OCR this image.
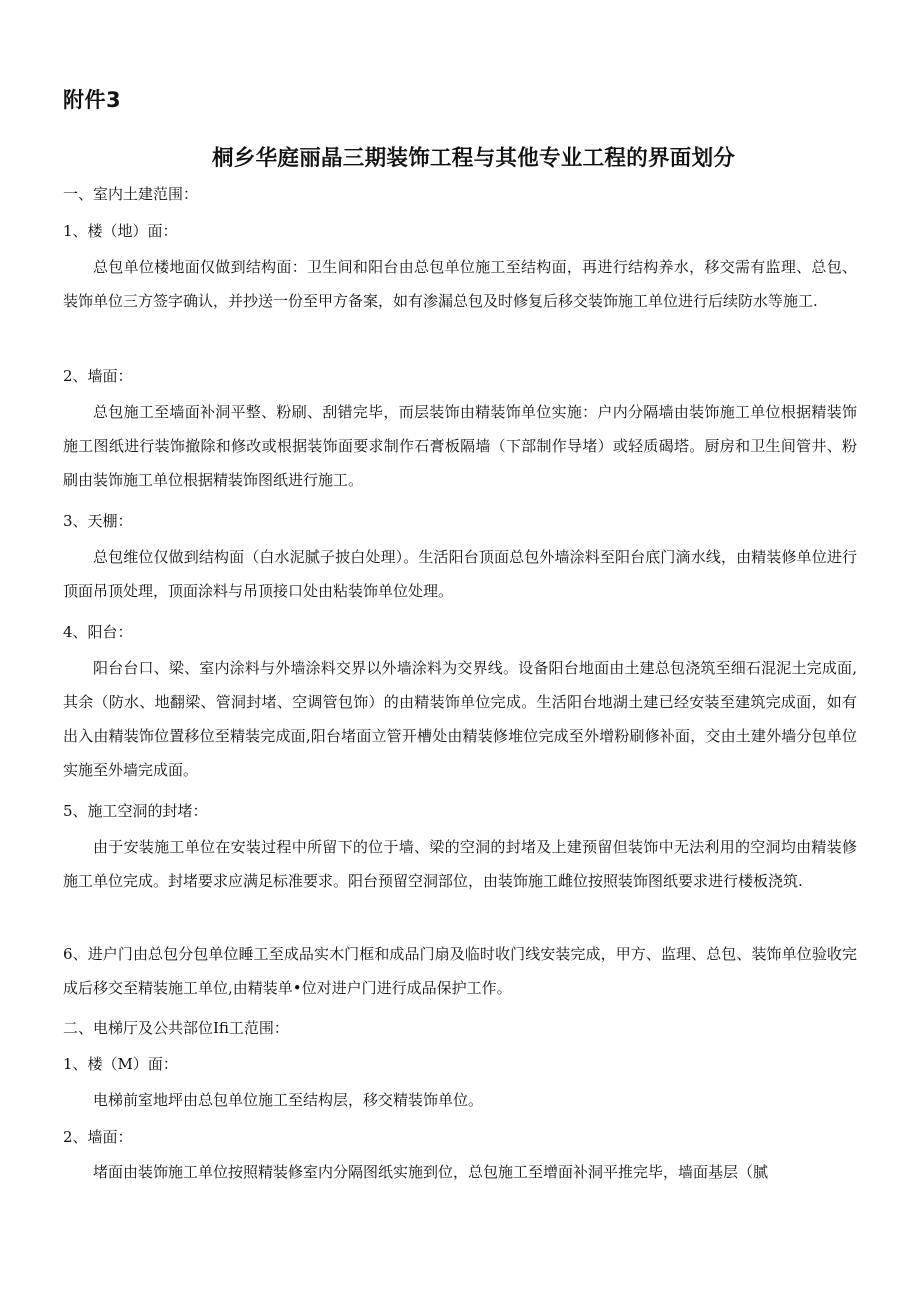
附件3
桐乡华庭丽晶三期装饰工程与其他专业工程的界面划分
一、室内土建范围：
1、楼（地）面：

总包单位楼地面仅做到结构面：卫生间和阳台由总包单位施工至结构面，再进行结构养水，移交需有监理、总包、装饰单位三方签字确认，并抄送一份至甲方备案，如有渗漏总包及时修复后移交装饰施工单位进行后续防水等施工.

2、墙面：

总包施工至墙面补洞平整、粉刷、刮错完毕，而层装饰由精装饰单位实施：户内分隔墙由装饰施工单位根据精装饰施工图纸进行装饰撤除和修改或根据装饰面要求制作石膏板隔墙（下部制作导堵）或轻质碣塔。厨房和卫生间管井、粉刷由装饰施工单位根据精装饰图纸进行施工。

3、天棚：

总包维位仅做到结构面（白水泥腻子披白处理）。生活阳台顶面总包外墙涂料至阳台底门滴水线，由精装修单位进行顶面吊顶处理，顶面涂料与吊顶接口处由粘装饰单位处理。

4、阳台：

阳台台口、梁、室内涂料与外墙涂料交界以外墙涂料为交界线。设备阳台地面由土建总包浇筑至细石混泥土完成面,其余（防水、地翻梁、管洞封堵、空调管包饰）的由精装饰单位完成。生活阳台地湖土建已经安装至建筑完成面，如有出入由精装饰位置移位至精装完成面,阳台堵面立管开槽处由精装修堆位完成至外增粉刷修补面，交由土建外墙分包单位实施至外墙完成面。

5、施工空洞的封堵：

由于安装施工单位在安装过程中所留下的位于墙、梁的空洞的封堵及上建预留但装饰中无法利用的空洞均由精装修施工单位完成。封堵要求应满足标准要求。阳台预留空洞部位，由装饰施工雌位按照装饰图纸要求进行楼板浇筑.

6、进户门由总包分包单位睡工至成品实木门框和成品门扇及临时收门线安装完成，甲方、监理、总包、装饰单位验收完成后移交至精装施工单位,由精装单•位对进户门进行成品保护工作。

二、电梯厅及公共部位Ifi工范围：
1、楼（M）面：

电梯前室地坪由总包单位施工至结构层，移交精装饰单位。

2、墙面：

堵面由装饰施工单位按照精装修室内分隔图纸实施到位，总包施工至增面补洞平推完毕，墙面基层（腻
